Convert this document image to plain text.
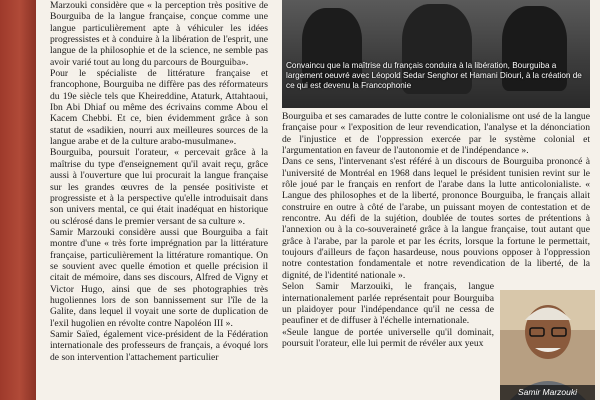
Marzouki considère que « la perception très positive de Bourguiba de la langue française, conçue comme une langue particulièrement apte à véhiculer les idées progressistes et à conduire à la libération de l'esprit, une langue de la philosophie et de la science, ne semble pas avoir varié tout au long du parcours de Bourguiba».

Pour le spécialiste de littérature française et francophone, Bourguiba ne diffère pas des réformateurs du 19e siècle tels que Kheireddine, Ataturk, Attahtaoui, Ibn Abi Dhiaf ou même des écrivains comme Abou el Kacem Chebbi. Et ce, bien évidemment grâce à son statut de «sadikien, nourri aux meilleures sources de la langue arabe et de la culture arabo-musulmane».

Bourguiba, poursuit l'orateur, « percevait grâce à la maîtrise du type d'enseignement qu'il avait reçu, grâce aussi à l'ouverture que lui procurait la langue française sur les grandes œuvres de la pensée positiviste et progressiste et à la perspective qu'elle introduisait dans son univers mental, ce qui était inadéquat en historique ou sclérosé dans le premier versant de sa culture ».

Samir Marzouki considère aussi que Bourguiba a fait montre d'une « très forte imprégnation par la littérature française, particulièrement la littérature romantique. On se souvient avec quelle émotion et quelle précision il citait de mémoire, dans ses discours, Alfred de Vigny et Victor Hugo, ainsi que de ses photographies très hugoliennes lors de son bannissement sur l'île de la Galite, dans lequel il voyait une sorte de duplication de l'exil hugolien en révolte contre Napoléon III ».

Samir Saïed, également vice-président de la Fédération internationale des professeurs de français, a évoqué lors de son intervention l'attachement particulier

Convaincu que la maîtrise du français conduira à la libération, Bourguiba a largement oeuvré avec Léopold Sedar Senghor et Hamani Diouri, à la création de ce qui est devenu la Francophonie

Bourguiba et ses camarades de lutte contre le colonialisme ont usé de la langue française pour « l'exposition de leur revendication, l'analyse et la dénonciation de l'injustice et de l'oppression exercée par le système colonial et l'argumentation en faveur de l'autonomie et de l'indépendance ».

Dans ce sens, l'intervenant s'est référé à un discours de Bourguiba prononcé à l'université de Montréal en 1968 dans lequel le président tunisien revint sur le rôle joué par le français en renfort de l'arabe dans la lutte anticolonialiste. « Langue des philosophes et de la liberté, prononce Bourguiba, le français allait construire en outre à côté de l'arabe, un puissant moyen de contestation et de rencontre. Au défi de la sujétion, doublée de toutes sortes de prétentions à l'annexion ou à la co-souveraineté grâce à la langue française, tout autant que grâce à l'arabe, par la parole et par les écrits, lorsque la fortune le permettait, toujours d'ailleurs de façon hasardeuse, nous pouvions opposer à l'oppression notre contestation fondamentale et notre revendication de la liberté, de la dignité, de l'identité nationale ».

Selon Samir Marzouiki, le français, langue internationalement parlée représentait pour Bourguiba un plaidoyer pour l'indépendance qu'il ne cessa de peaufiner et de diffuser à l'échelle internationale.

«Seule langue de portée universelle qu'il dominait, poursuit l'orateur, elle lui permit de révéler aux yeux

Samir Marzouki
